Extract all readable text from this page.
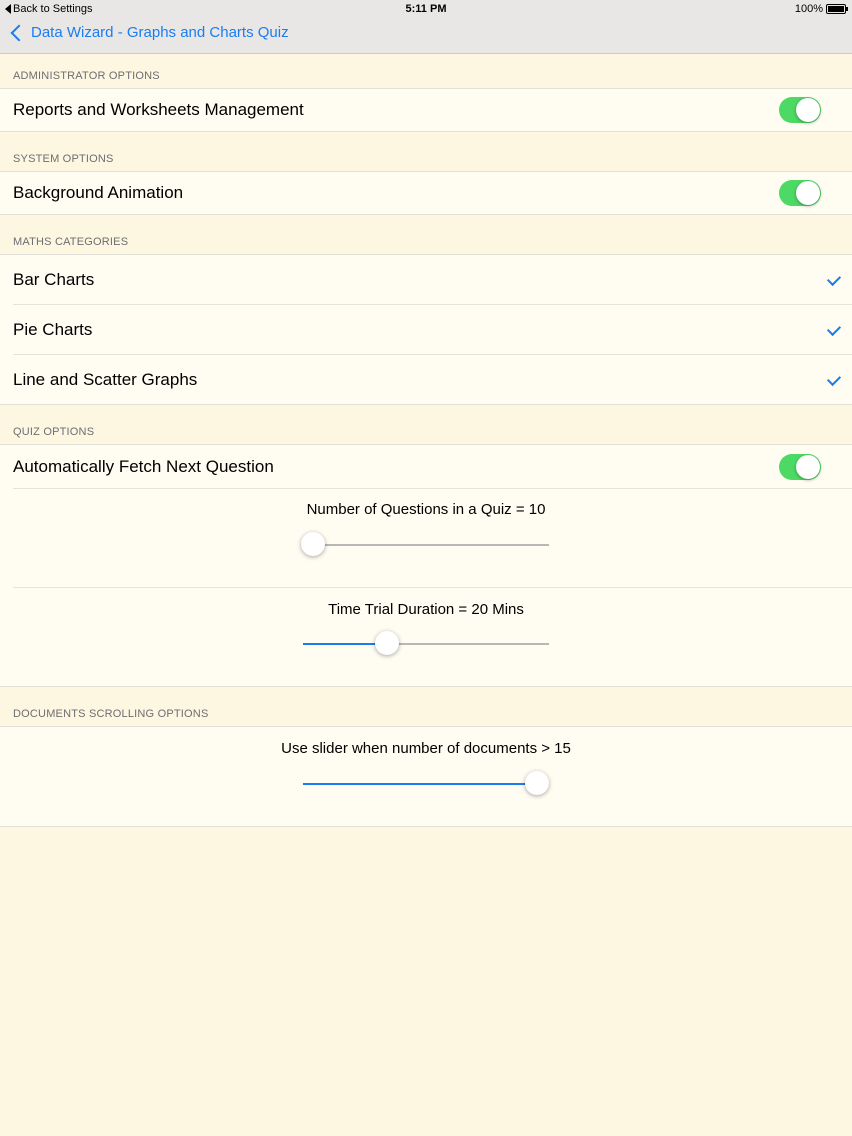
Back to Settings	5:11 PM	100%
Data Wizard - Graphs and Charts Quiz
ADMINISTRATOR OPTIONS
Reports and Worksheets Management
SYSTEM OPTIONS
Background Animation
MATHS CATEGORIES
Bar Charts
Pie Charts
Line and Scatter Graphs
QUIZ OPTIONS
Automatically Fetch Next Question
Number of Questions in a Quiz = 10
Time Trial Duration = 20 Mins
DOCUMENTS SCROLLING OPTIONS
Use slider when number of documents > 15
